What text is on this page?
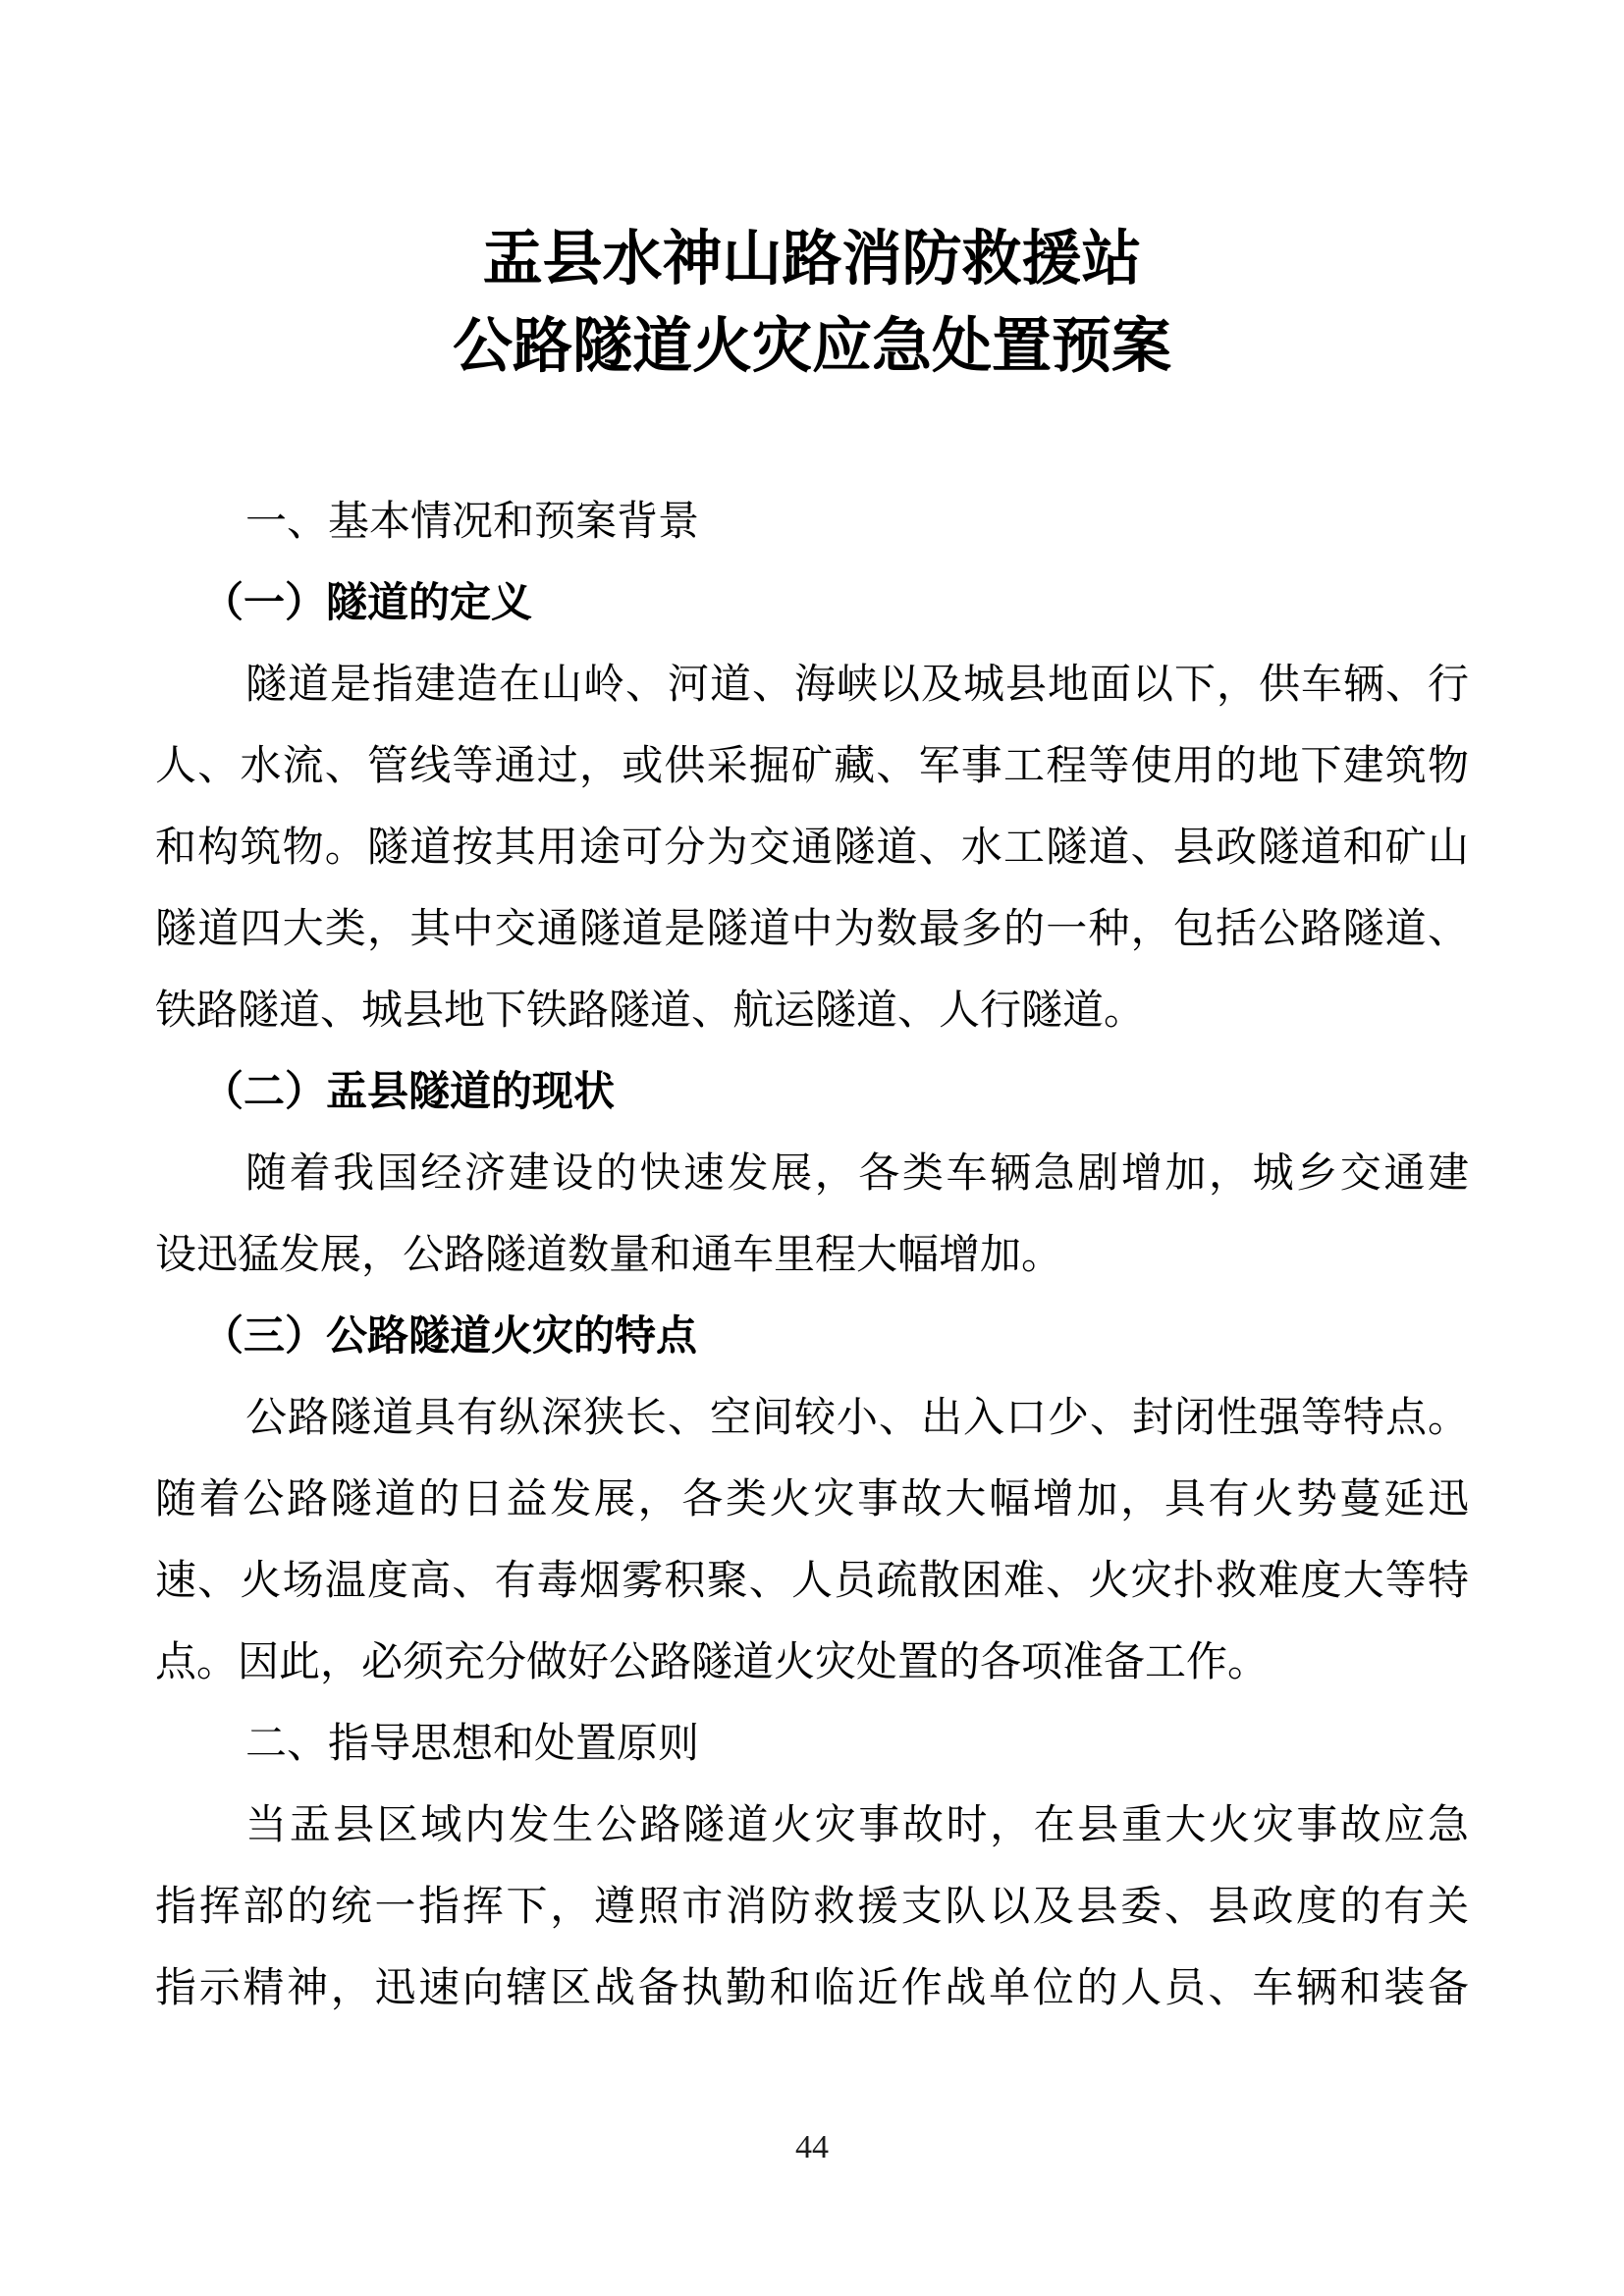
盂县水神山路消防救援站
公路隧道火灾应急处置预案
一、基本情况和预案背景
（一）隧道的定义
隧道是指建造在山岭、河道、海峡以及城县地面以下，供车辆、行
人、水流、管线等通过，或供采掘矿藏、军事工程等使用的地下建筑物
和构筑物。隧道按其用途可分为交通隧道、水工隧道、县政隧道和矿山
隧道四大类，其中交通隧道是隧道中为数最多的一种，包括公路隧道、
铁路隧道、城县地下铁路隧道、航运隧道、人行隧道。
（二）盂县隧道的现状
随着我国经济建设的快速发展，各类车辆急剧增加，城乡交通建
设迅猛发展，公路隧道数量和通车里程大幅增加。
（三）公路隧道火灾的特点
公路隧道具有纵深狭长、空间较小、出入口少、封闭性强等特点。
随着公路隧道的日益发展，各类火灾事故大幅增加，具有火势蔓延迅
速、火场温度高、有毒烟雾积聚、人员疏散困难、火灾扑救难度大等特
点。因此，必须充分做好公路隧道火灾处置的各项准备工作。
二、指导思想和处置原则
当盂县区域内发生公路隧道火灾事故时，在县重大火灾事故应急
指挥部的统一指挥下，遵照市消防救援支队以及县委、县政度的有关
指示精神，迅速向辖区战备执勤和临近作战单位的人员、车辆和装备
44
